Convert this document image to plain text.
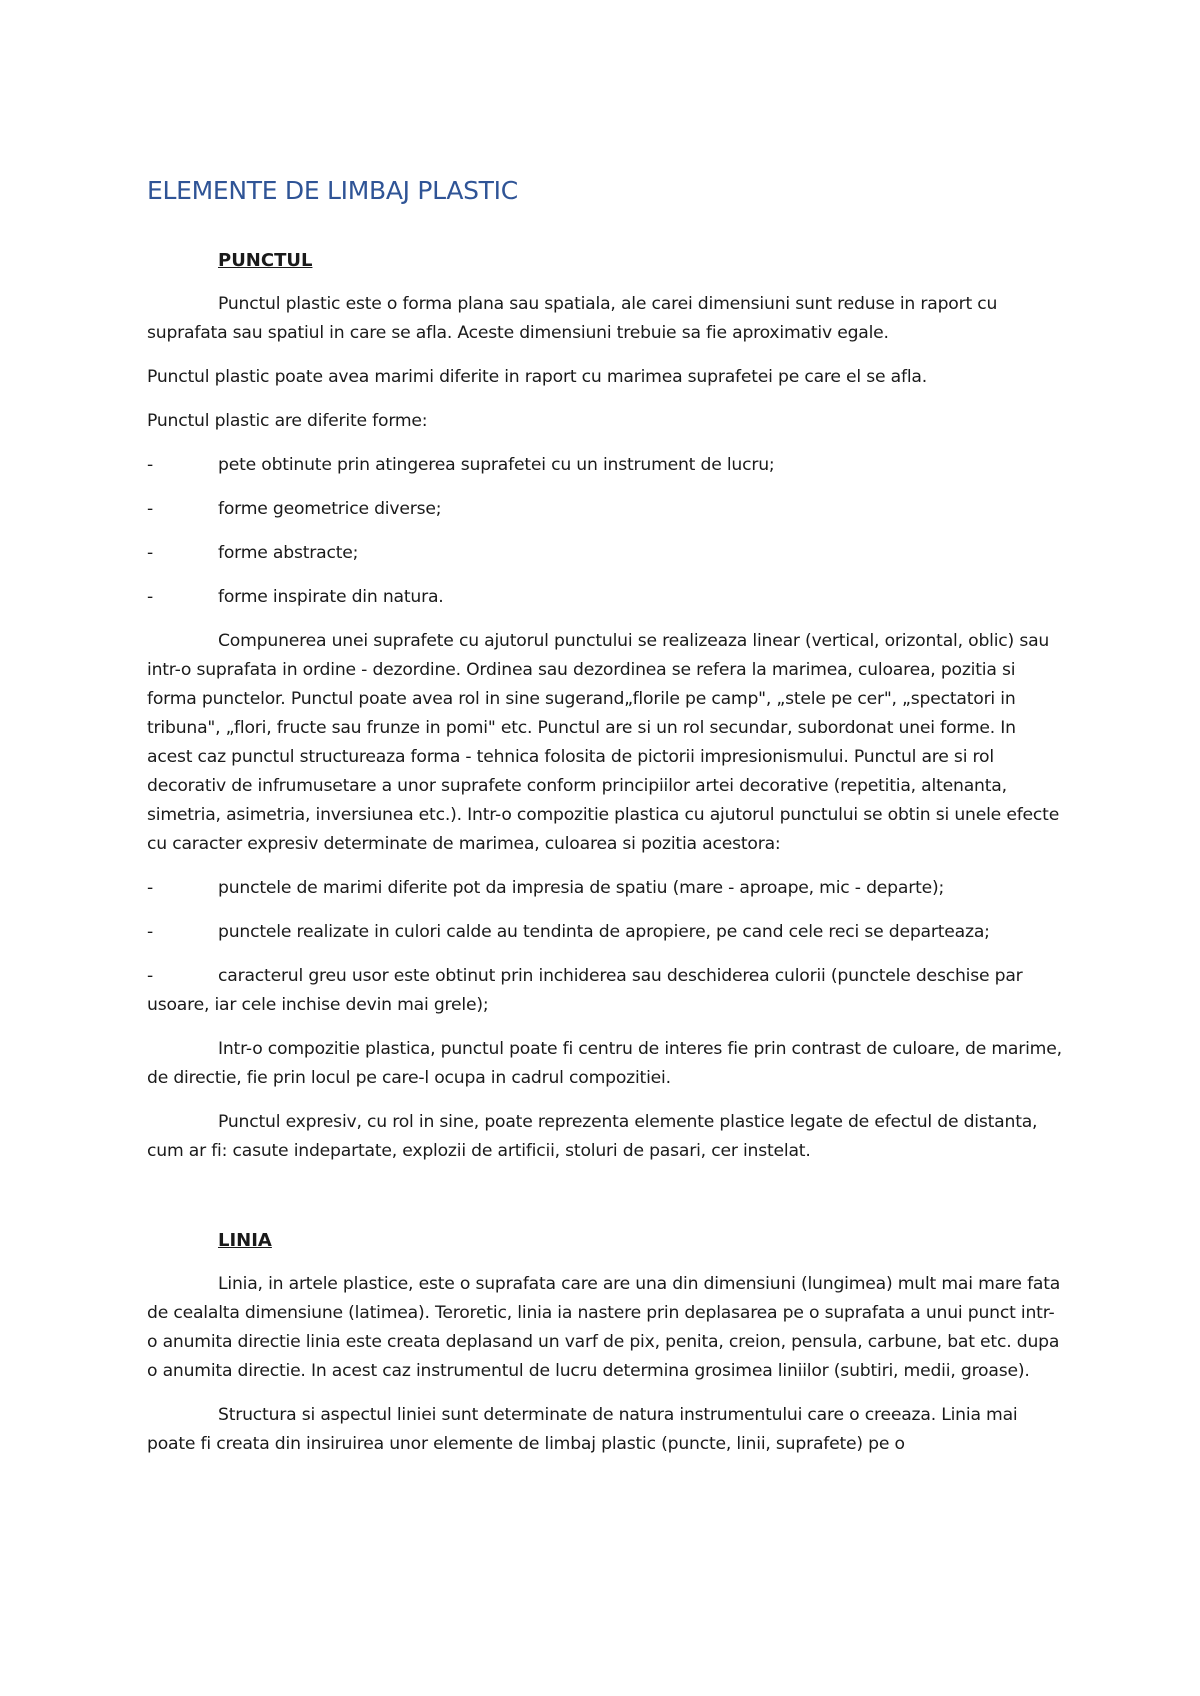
ELEMENTE DE LIMBAJ PLASTIC
PUNCTUL

Punctul plastic este o forma plana sau spatiala, ale carei dimensiuni sunt reduse in raport cu suprafata sau spatiul in care se afla. Aceste dimensiuni trebuie sa fie aproximativ egale.

Punctul plastic poate avea marimi diferite in raport cu marimea suprafetei pe care el se afla.

Punctul plastic are diferite forme:

-	pete obtinute prin atingerea suprafetei cu un instrument de lucru;
-	forme geometrice diverse;
-	forme abstracte;
-	forme inspirate din natura.

Compunerea unei suprafete cu ajutorul punctului se realizeaza linear (vertical, orizontal, oblic) sau intr-o suprafata in ordine - dezordine. Ordinea sau dezordinea se refera la marimea, culoarea, pozitia si forma punctelor. Punctul poate avea rol in sine sugerand„florile pe camp", „stele pe cer", „spectatori in tribuna", „flori, fructe sau frunze in pomi" etc. Punctul are si un rol secundar, subordonat unei forme. In acest caz punctul structureaza forma - tehnica folosita de pictorii impresionismului. Punctul are si rol decorativ de infrumusetare a unor suprafete conform principiilor artei decorative (repetitia, altenanta, simetria, asimetria, inversiunea etc.). Intr-o compozitie plastica cu ajutorul punctului se obtin si unele efecte cu caracter expresiv determinate de marimea, culoarea si pozitia acestora:

-	punctele de marimi diferite pot da impresia de spatiu (mare - aproape, mic - departe);
-	punctele realizate in culori calde au tendinta de apropiere, pe cand cele reci se departeaza;
-	caracterul greu usor este obtinut prin inchiderea sau deschiderea culorii (punctele deschise par usoare, iar cele inchise devin mai grele);

Intr-o compozitie plastica, punctul poate fi centru de interes fie prin contrast de culoare, de marime, de directie, fie prin locul pe care-l ocupa in cadrul compozitiei.

Punctul expresiv, cu rol in sine, poate reprezenta elemente plastice legate de efectul de distanta, cum ar fi: casute indepartate, explozii de artificii, stoluri de pasari, cer instelat.

LINIA

Linia, in artele plastice, este o suprafata care are una din dimensiuni (lungimea) mult mai mare fata de cealalta dimensiune (latimea). Teroretic, linia ia nastere prin deplasarea pe o suprafata a unui punct intr-o anumita directie linia este creata deplasand un varf de pix, penita, creion, pensula, carbune, bat etc. dupa o anumita directie. In acest caz instrumentul de lucru determina grosimea liniilor (subtiri, medii, groase).

Structura si aspectul liniei sunt determinate de natura instrumentului care o creeaza. Linia mai poate fi creata din insiruirea unor elemente de limbaj plastic (puncte, linii, suprafete) pe o
